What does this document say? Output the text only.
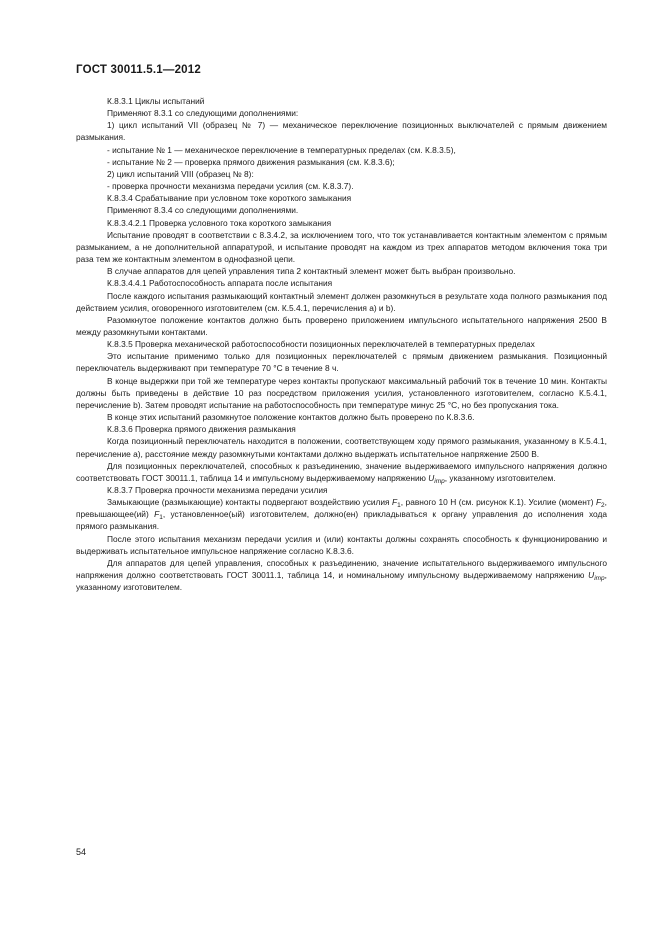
ГОСТ 30011.5.1—2012

К.8.3.1 Циклы испытаний

Применяют 8.3.1 со следующими дополнениями:

1) цикл испытаний VII (образец № 7) — механическое переключение позиционных выключателей с прямым движением размыкания.

- испытание № 1 — механическое переключение в температурных пределах (см. К.8.3.5),

- испытание № 2 — проверка прямого движения размыкания (см. К.8.3.6);

2) цикл испытаний VIII (образец № 8):

- проверка прочности механизма передачи усилия (см. К.8.3.7).

К.8.3.4 Срабатывание при условном токе короткого замыкания

Применяют 8.3.4 со следующими дополнениями.

К.8.3.4.2.1 Проверка условного тока короткого замыкания

Испытание проводят в соответствии с 8.3.4.2, за исключением того, что ток устанавливается контактным элементом с прямым размыканием, а не дополнительной аппаратурой, и испытание проводят на каждом из трех аппаратов методом включения тока три раза тем же контактным элементом в однофазной цепи.

В случае аппаратов для цепей управления типа 2 контактный элемент может быть выбран произвольно.

К.8.3.4.4.1 Работоспособность аппарата после испытания

После каждого испытания размыкающий контактный элемент должен разомкнуться в результате хода полного размыкания под действием усилия, оговоренного изготовителем (см. К.5.4.1, перечисления а) и b).

Разомкнутое положение контактов должно быть проверено приложением импульсного испытательного напряжения 2500 В между разомкнутыми контактами.

К.8.3.5 Проверка механической работоспособности позиционных переключателей в температурных пределах

Это испытание применимо только для позиционных переключателей с прямым движением размыкания. Позиционный переключатель выдерживают при температуре 70 °С в течение 8 ч.

В конце выдержки при той же температуре через контакты пропускают максимальный рабочий ток в течение 10 мин. Контакты должны быть приведены в действие 10 раз посредством приложения усилия, установленного изготовителем, согласно К.5.4.1, перечисление b). Затем проводят испытание на работоспособность при температуре минус 25 °С, но без пропускания тока.

В конце этих испытаний разомкнутое положение контактов должно быть проверено по К.8.3.6.

К.8.3.6 Проверка прямого движения размыкания

Когда позиционный переключатель находится в положении, соответствующем ходу прямого размыкания, указанному в К.5.4.1, перечисление а), расстояние между разомкнутыми контактами должно выдержать испытательное напряжение 2500 В.

Для позиционных переключателей, способных к разъединению, значение выдерживаемого импульсного напряжения должно соответствовать ГОСТ 30011.1, таблица 14 и импульсному выдерживаемому напряжению $U_{imp}$, указанному изготовителем.

К.8.3.7 Проверка прочности механизма передачи усилия

Замыкающие (размыкающие) контакты подвергают воздействию усилия $F_1$, равного 10 Н (см. рисунок К.1). Усилие (момент) $F_2$, превышающее(ий) $F_1$, установленное(ый) изготовителем, должно(ен) прикладываться к органу управления до исполнения хода прямого размыкания.

После этого испытания механизм передачи усилия и (или) контакты должны сохранять способность к функционированию и выдерживать испытательное импульсное напряжение согласно К.8.3.6.

Для аппаратов для цепей управления, способных к разъединению, значение испытательного выдерживаемого импульсного напряжения должно соответствовать ГОСТ 30011.1, таблица 14, и номинальному импульсному выдерживаемому напряжению $U_{imp}$, указанному изготовителем.

54
